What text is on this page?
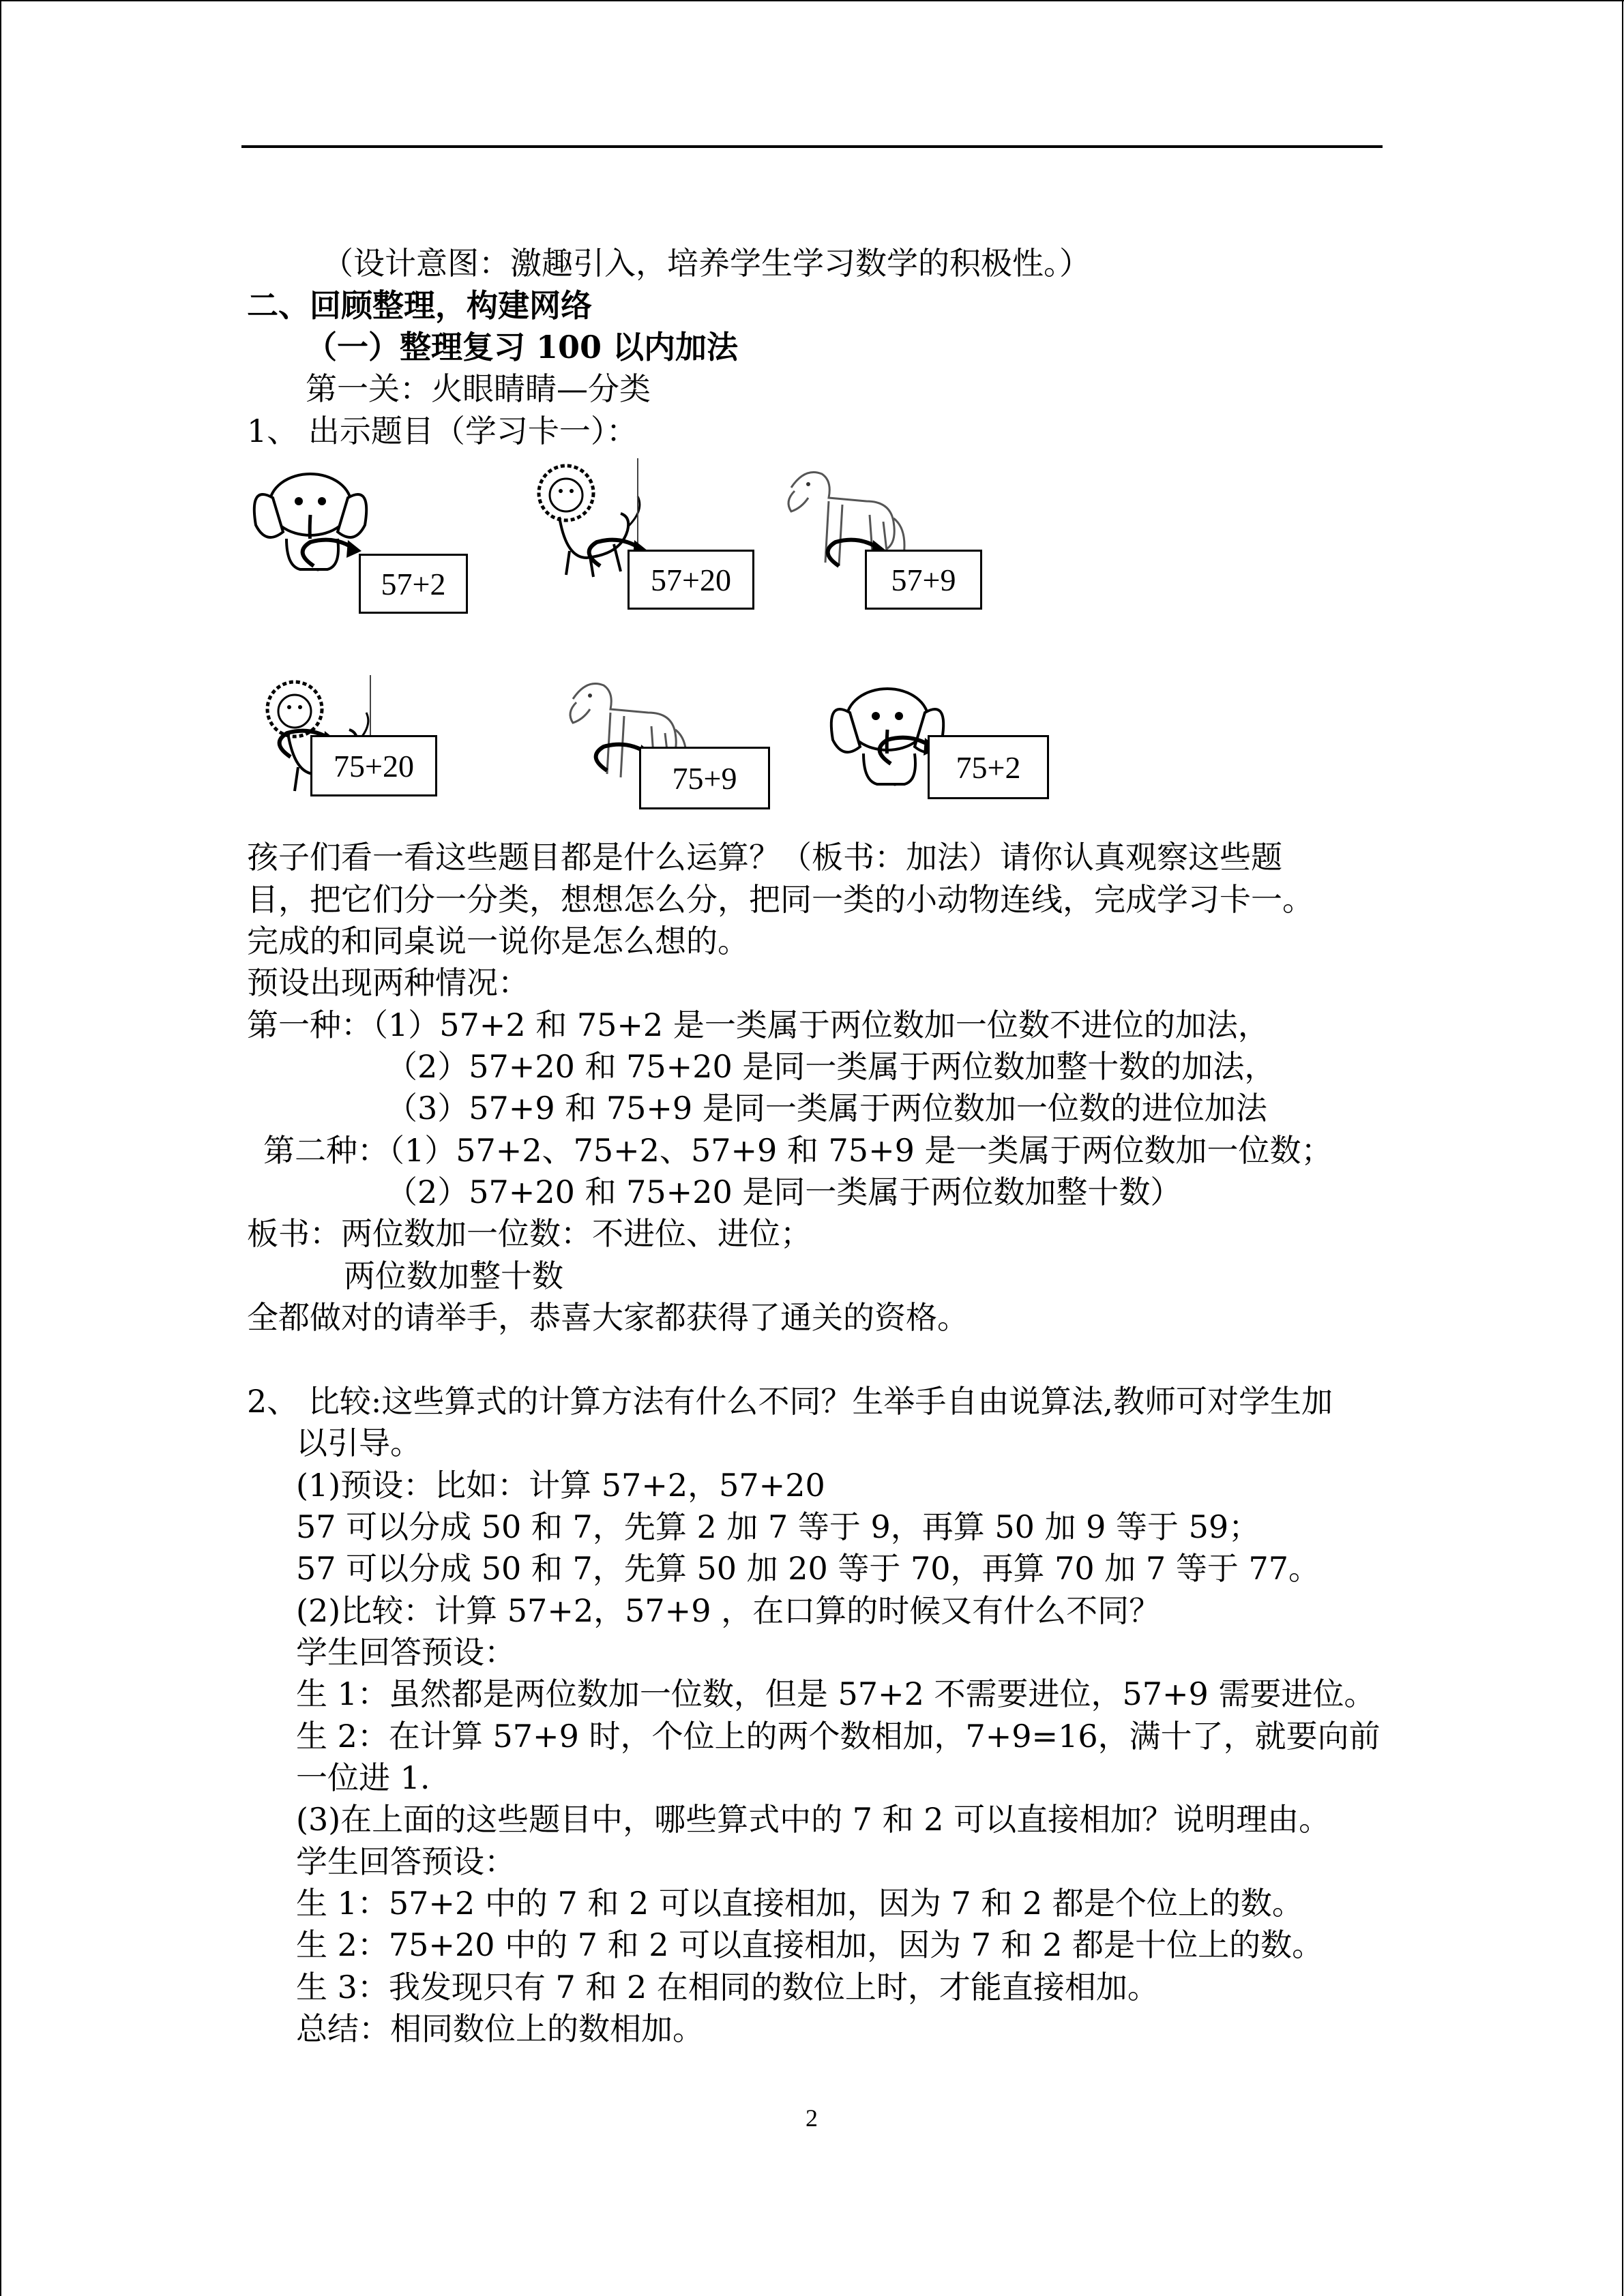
（设计意图：激趣引入，培养学生学习数学的积极性。）

二、回顾整理，构建网络

（一）整理复习 100 以内加法

第一关：火眼睛睛—分类

1、 出示题目（学习卡一）：

57+2	57+20	57+9
75+20	75+9	75+2

孩子们看一看这些题目都是什么运算？（板书：加法）请你认真观察这些题

目，把它们分一分类，想想怎么分，把同一类的小动物连线，完成学习卡一。

完成的和同桌说一说你是怎么想的。

预设出现两种情况：

第一种：（1）57+2 和 75+2 是一类属于两位数加一位数不进位的加法，

（2）57+20 和 75+20 是同一类属于两位数加整十数的加法，

（3）57+9 和 75+9 是同一类属于两位数加一位数的进位加法

第二种：（1）57+2、75+2、57+9 和 75+9 是一类属于两位数加一位数；

（2）57+20 和 75+20 是同一类属于两位数加整十数）

板书：两位数加一位数：不进位、进位；

两位数加整十数

全都做对的请举手，恭喜大家都获得了通关的资格。

2、 比较:这些算式的计算方法有什么不同？生举手自由说算法,教师可对学生加

以引导。

(1)预设：比如：计算 57+2，57+20

57 可以分成 50 和 7，先算 2 加 7 等于 9，再算 50 加 9 等于 59；

57 可以分成 50 和 7，先算 50 加 20 等于 70，再算 70 加 7 等于 77。

(2)比较：计算 57+2，57+9 ，在口算的时候又有什么不同？

学生回答预设：

生 1：虽然都是两位数加一位数，但是 57+2 不需要进位，57+9 需要进位。

生 2：在计算 57+9 时，个位上的两个数相加，7+9=16，满十了，就要向前

一位进 1.

(3)在上面的这些题目中，哪些算式中的 7 和 2 可以直接相加？说明理由。

学生回答预设：

生 1：57+2 中的 7 和 2 可以直接相加，因为 7 和 2 都是个位上的数。

生 2：75+20 中的 7 和 2 可以直接相加，因为 7 和 2 都是十位上的数。

生 3：我发现只有 7 和 2 在相同的数位上时，才能直接相加。

总结：相同数位上的数相加。

2
